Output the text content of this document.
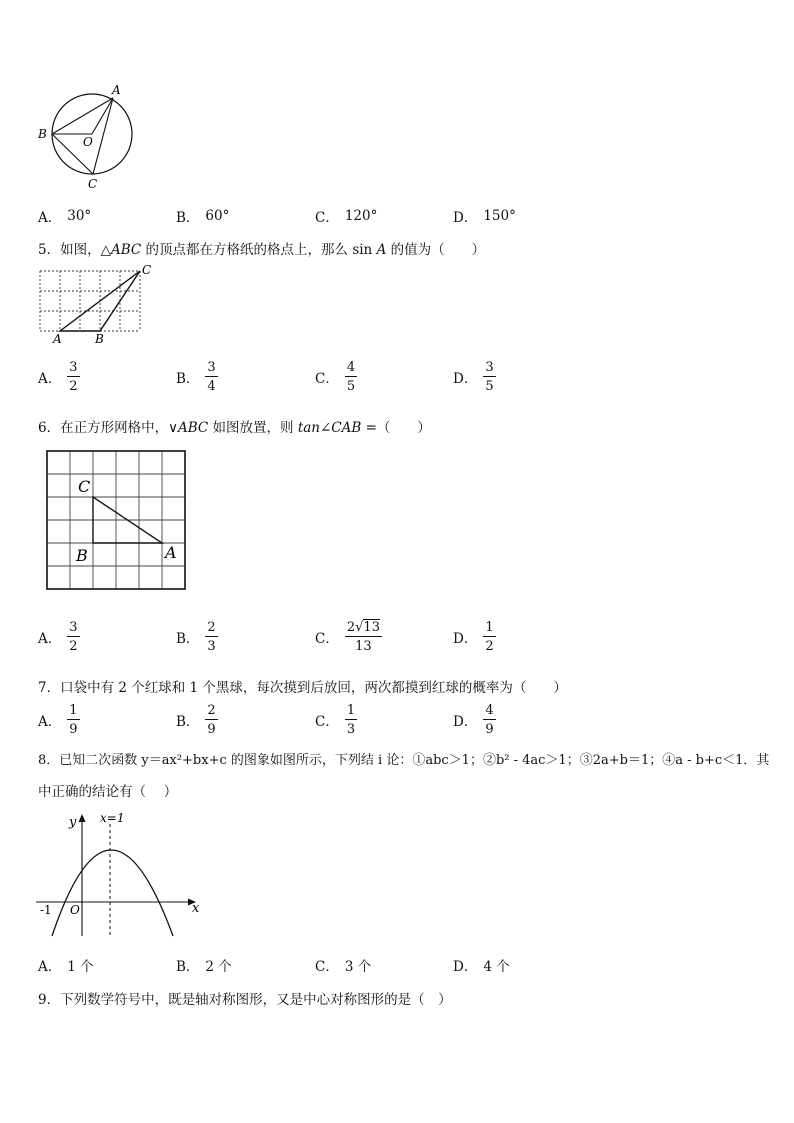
A
B
O
C
A． 30°	B． 60°	C． 120°	D． 150°
5．如图，△ABC 的顶点都在方格纸的格点上，那么 sin A 的值为（　　）
C
A	B
A． $\frac{3}{2}$	B． $\frac{3}{4}$	C． $\frac{4}{5}$	D． $\frac{3}{5}$
6．在正方形网格中，∨ABC 如图放置，则 tan∠CAB =（　　）
C
B	A
A． $\frac{3}{2}$	B． $\frac{2}{3}$	C． $\frac{2√13}{13}$	D． $\frac{1}{2}$
7．口袋中有 2 个红球和 1 个黑球，每次摸到后放回，两次都摸到红球的概率为（　　）
A． $\frac{1}{9}$	B． $\frac{2}{9}$	C． $\frac{1}{3}$	D． $\frac{4}{9}$
8．已知二次函数 y＝ax²+bx+c 的图象如图所示，下列结 i 论：①abc＞1；②b² - 4ac＞1；③2a+b＝1；④a - b+c＜1．其
中正确的结论有（　 ）
y x=1
x
-1 O
A． 1 个	B． 2 个	C． 3 个	D． 4 个
9．下列数学符号中，既是轴对称图形，又是中心对称图形的是（　）
